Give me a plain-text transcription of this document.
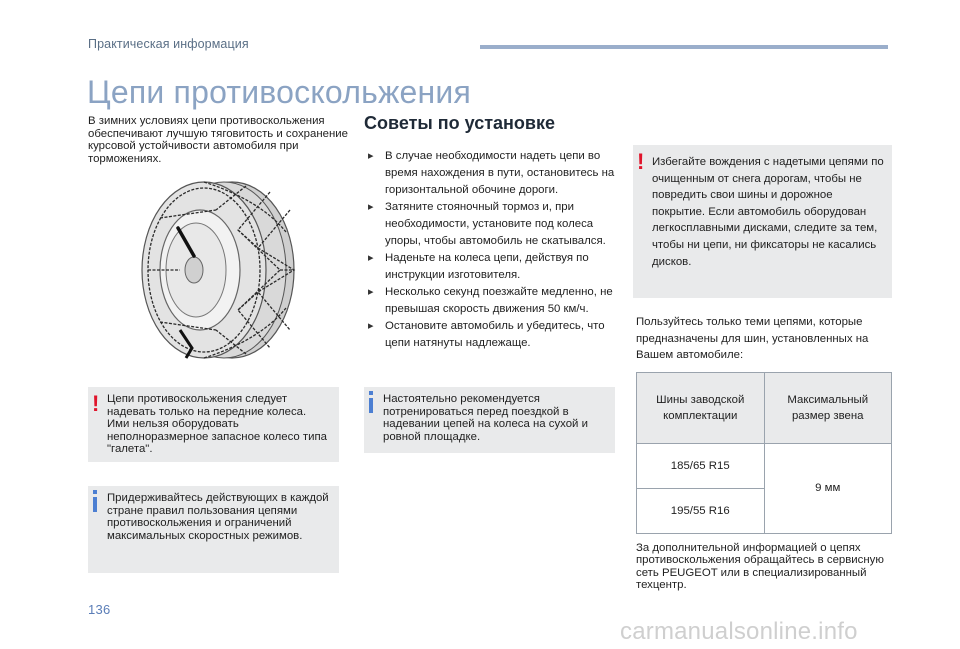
Практическая информация
Цепи противоскольжения
В зимних условиях цепи противоскольжения обеспечивают лучшую тяговитость и сохранение курсовой устойчивости автомобиля при торможениях.
! Цепи противоскольжения следует надевать только на передние колеса. Ими нельзя оборудовать неполноразмерное запасное колесо типа "галета".
Придерживайтесь действующих в каждой стране правил пользования цепями противоскольжения и ограничений максимальных скоростных режимов.
Советы по установке
▸ В случае необходимости надеть цепи во время нахождения в пути, остановитесь на горизонтальной обочине дороги.
▸ Затяните стояночный тормоз и, при необходимости, установите под колеса упоры, чтобы автомобиль не скатывался.
▸ Наденьте на колеса цепи, действуя по инструкции изготовителя.
▸ Несколько секунд поезжайте медленно, не превышая скорость движения 50 км/ч.
▸ Остановите автомобиль и убедитесь, что цепи натянуты надлежаще.
Настоятельно рекомендуется потренироваться перед поездкой в надевании цепей на колеса на сухой и ровной площадке.
! Избегайте вождения с надетыми цепями по очищенным от снега дорогам, чтобы не повредить свои шины и дорожное покрытие. Если автомобиль оборудован легкосплавными дисками, следите за тем, чтобы ни цепи, ни фиксаторы не касались дисков.
Пользуйтесь только теми цепями, которые предназначены для шин, установленных на Вашем автомобиле:
Шины заводской комплектации	Максимальный размер звена
185/65 R15	9 мм
195/55 R16	
За дополнительной информацией о цепях противоскольжения обращайтесь в сервисную сеть PEUGEOT или в специализированный техцентр.
136
carmanualsonline.info
